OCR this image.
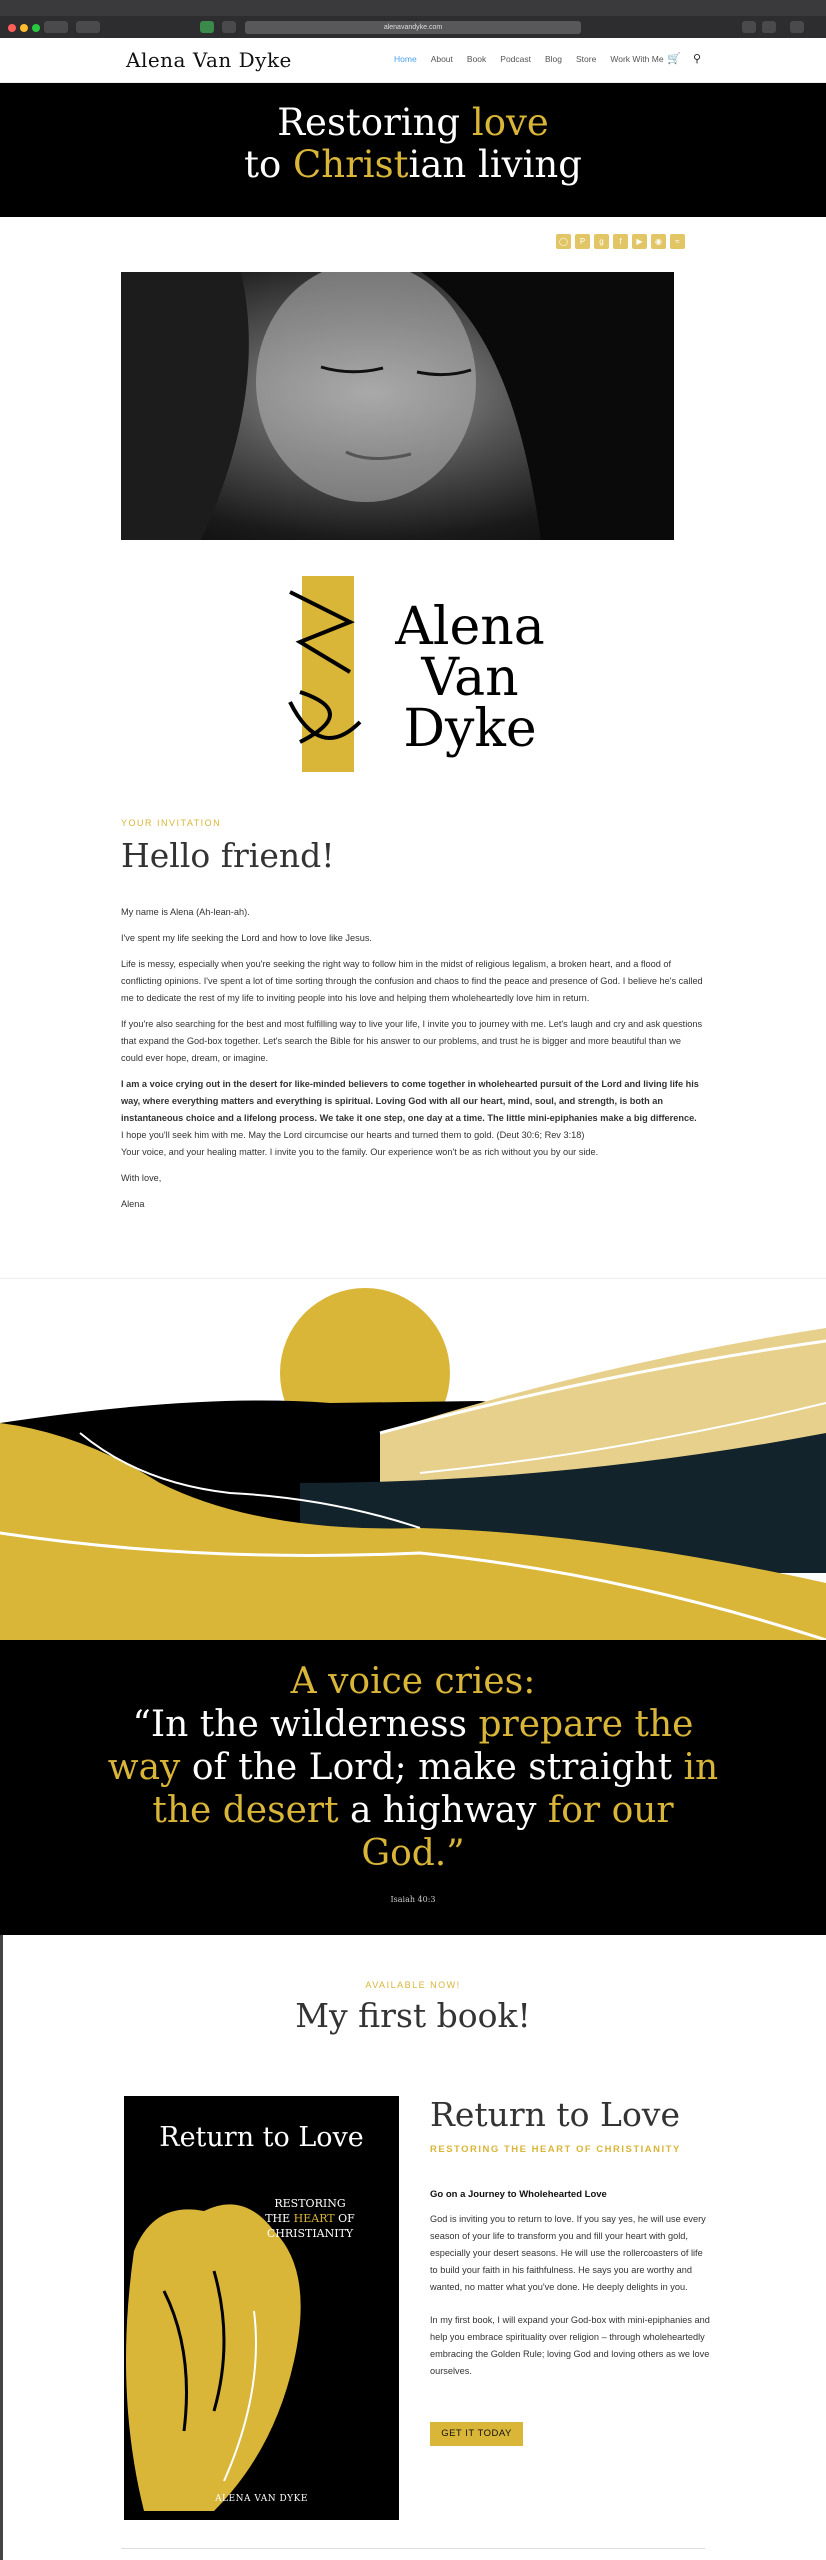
alenavandyke.com
Alena Van Dyke	Home About Book Podcast Blog Store Work With Me 🛒 ⚲
Restoring love
to Christian living
◯	P	g	f	▶	◉	≈
Alena
Van
Dyke
YOUR INVITATION
Hello friend!

My name is Alena (Ah-lean-ah).

I've spent my life seeking the Lord and how to love like Jesus.

Life is messy, especially when you're seeking the right way to follow him in the midst of religious legalism, a broken heart, and a flood of conflicting opinions. I've spent a lot of time sorting through the confusion and chaos to find the peace and presence of God. I believe he's called me to dedicate the rest of my life to inviting people into his love and helping them wholeheartedly love him in return.

If you're also searching for the best and most fulfilling way to live your life, I invite you to journey with me. Let's laugh and cry and ask questions that expand the God-box together. Let's search the Bible for his answer to our problems, and trust he is bigger and more beautiful than we could ever hope, dream, or imagine.

I am a voice crying out in the desert for like-minded believers to come together in wholehearted pursuit of the Lord and living life his way, where everything matters and everything is spiritual. Loving God with all our heart, mind, soul, and strength, is both an instantaneous choice and a lifelong process. We take it one step, one day at a time. The little mini-epiphanies make a big difference.

I hope you'll seek him with me. May the Lord circumcise our hearts and turned them to gold. (Deut 30:6; Rev 3:18)

Your voice, and your healing matter. I invite you to the family. Our experience won't be as rich without you by our side.

With love,

Alena

A voice cries:
“In the wilderness prepare the way of the Lord; make straight in the desert a highway for our God.”
Isaiah 40:3
AVAILABLE NOW!
My first book!
Return to Love
RESTORING
THE HEART OF
CHRISTIANITY
ALENA VAN DYKE
Return to Love
RESTORING THE HEART OF CHRISTIANITY
Go on a Journey to Wholehearted Love

God is inviting you to return to love. If you say yes, he will use every season of your life to transform you and fill your heart with gold, especially your desert seasons. He will use the rollercoasters of life to build your faith in his faithfulness. He says you are worthy and wanted, no matter what you've done. He deeply delights in you.

In my first book, I will expand your God-box with mini-epiphanies and help you embrace spirituality over religion – through wholeheartedly embracing the Golden Rule; loving God and loving others as we love ourselves.

GET IT TODAY
